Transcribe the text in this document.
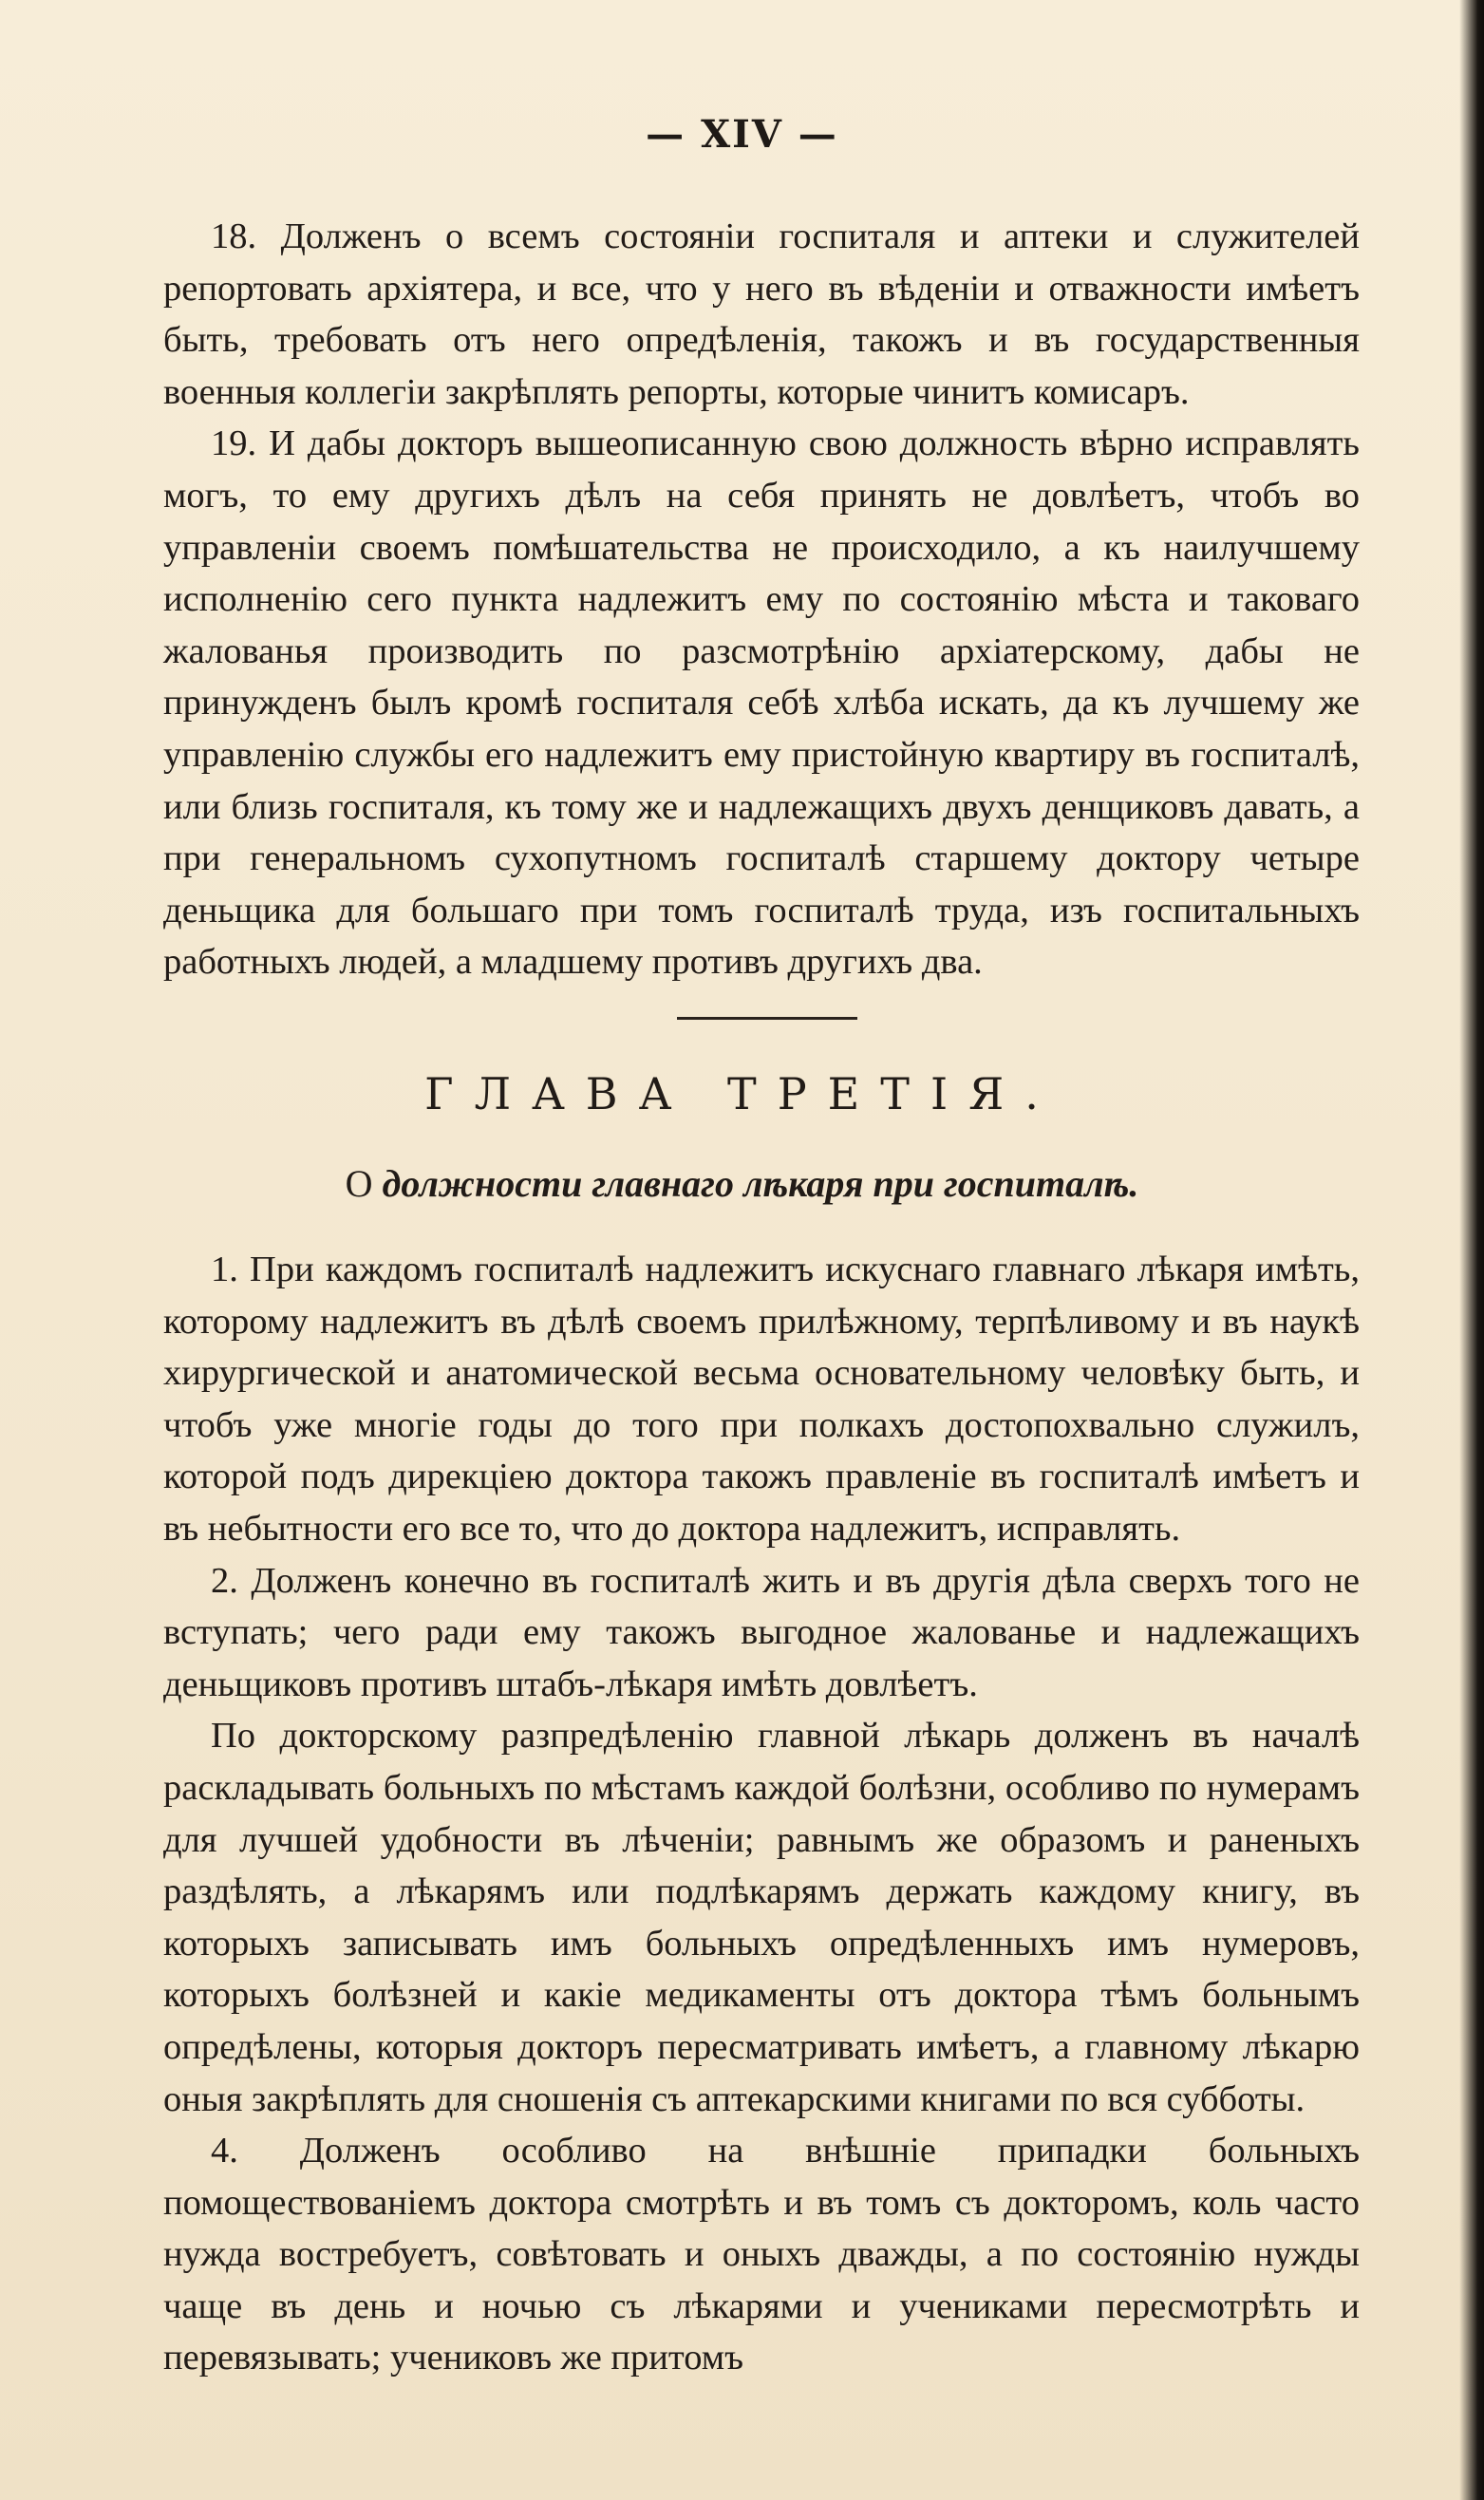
— XIV —

18. Долженъ о всемъ состояніи госпиталя и аптеки и служителей репортовать архіятера, и все, что у него въ вѣденіи и отважности имѣетъ быть, требовать отъ него опредѣленія, такожъ и въ государственныя военныя коллегіи закрѣплять репорты, которые чинитъ комисаръ.

19. И дабы докторъ вышеописанную свою должность вѣрно исправлять могъ, то ему другихъ дѣлъ на себя принять не довлѣетъ, чтобъ во управленіи своемъ помѣшательства не происходило, а къ наилучшему исполненію сего пункта надлежитъ ему по состоянію мѣста и таковаго жалованья производить по разсмотрѣнію архіатерскому, дабы не принужденъ былъ кромѣ госпиталя себѣ хлѣба искать, да къ лучшему же управленію службы его надлежитъ ему пристойную квартиру въ госпиталѣ, или близь госпиталя, къ тому же и надлежащихъ двухъ денщиковъ давать, а при генеральномъ сухопутномъ госпиталѣ старшему доктору четыре деньщика для большаго при томъ госпиталѣ труда, изъ госпитальныхъ работныхъ людей, а младшему противъ другихъ два.

ГЛАВА ТРЕТІЯ.
О должности главнаго лѣкаря при госпиталѣ.

1. При каждомъ госпиталѣ надлежитъ искуснаго главнаго лѣкаря имѣть, которому надлежитъ въ дѣлѣ своемъ прилѣжному, терпѣливому и въ наукѣ хирургической и анатомической весьма основательному человѣку быть, и чтобъ уже многіе годы до того при полкахъ достопохвально служилъ, которой подъ дирекціею доктора такожъ правленіе въ госпиталѣ имѣетъ и въ небытности его все то, что до доктора надлежитъ, исправлять.

2. Долженъ конечно въ госпиталѣ жить и въ другія дѣла сверхъ того не вступать; чего ради ему такожъ выгодное жалованье и надлежащихъ деньщиковъ противъ штабъ-лѣкаря имѣть довлѣетъ.

По докторскому разпредѣленію главной лѣкарь долженъ въ началѣ раскладывать больныхъ по мѣстамъ каждой болѣзни, особливо по нумерамъ для лучшей удобности въ лѣченіи; равнымъ же образомъ и раненыхъ раздѣлять, а лѣкарямъ или подлѣкарямъ держать каждому книгу, въ которыхъ записывать имъ больныхъ опредѣленныхъ имъ нумеровъ, которыхъ болѣзней и какіе медикаменты отъ доктора тѣмъ больнымъ опредѣлены, которыя докторъ пересматривать имѣетъ, а главному лѣкарю оныя закрѣплять для сношенія съ аптекарскими книгами по вся субботы.

4. Долженъ особливо на внѣшніе припадки больныхъ помоществованіемъ доктора смотрѣть и въ томъ съ докторомъ, коль часто нужда востребуетъ, совѣтовать и оныхъ дважды, а по состоянію нужды чаще въ день и ночью съ лѣкарями и учениками пересмотрѣть и перевязывать; учениковъ же притомъ
